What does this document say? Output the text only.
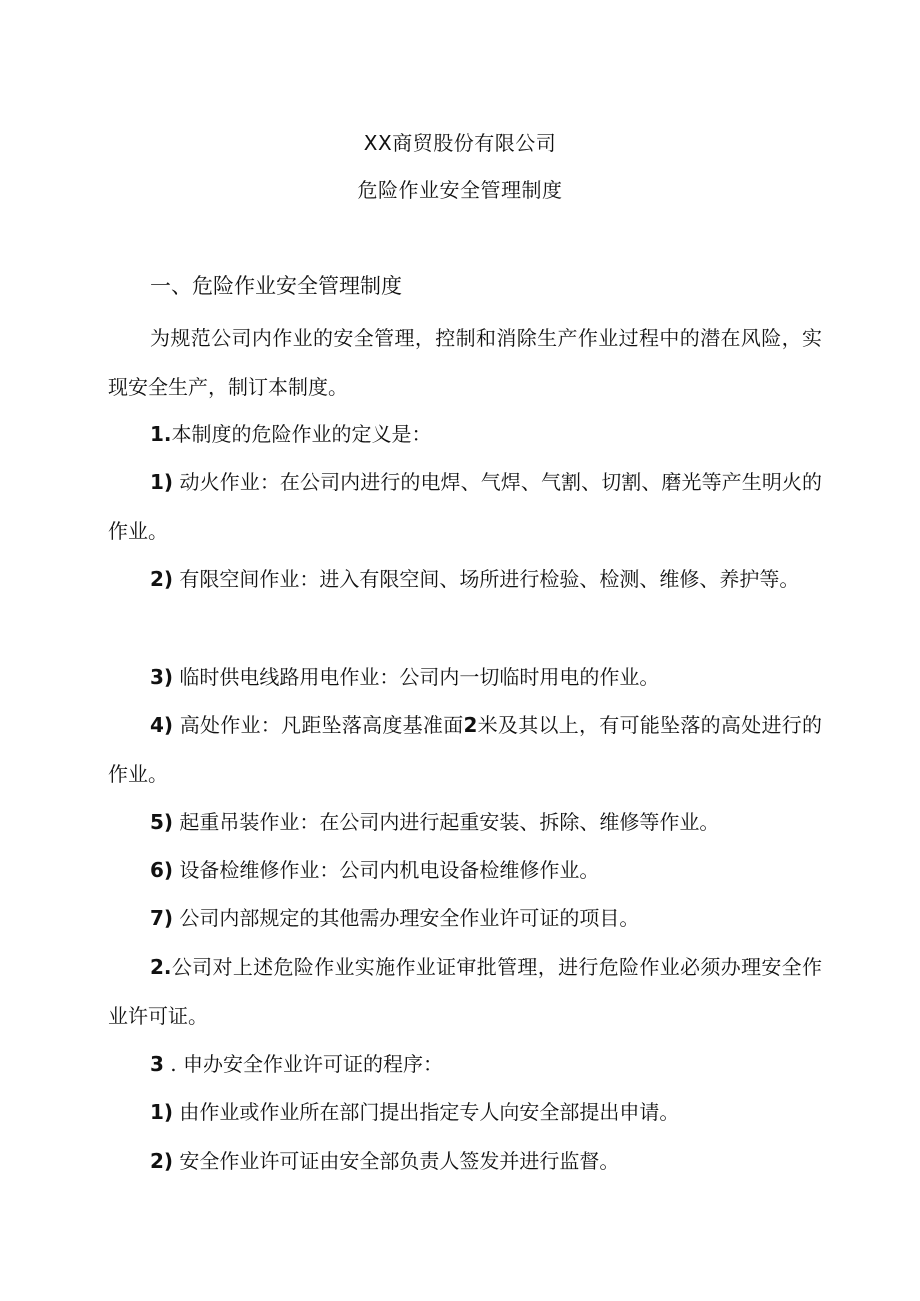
XX商贸股份有限公司
危险作业安全管理制度
一、危险作业安全管理制度

为规范公司内作业的安全管理，控制和消除生产作业过程中的潜在风险，实现安全生产，制订本制度。

1.本制度的危险作业的定义是：

1) 动火作业：在公司内进行的电焊、气焊、气割、切割、磨光等产生明火的作业。

2) 有限空间作业：进入有限空间、场所进行检验、检测、维修、养护等。

3) 临时供电线路用电作业：公司内一切临时用电的作业。

4) 高处作业：凡距坠落高度基准面2米及其以上，有可能坠落的高处进行的作业。

5) 起重吊装作业：在公司内进行起重安装、拆除、维修等作业。

6) 设备检维修作业：公司内机电设备检维修作业。

7) 公司内部规定的其他需办理安全作业许可证的项目。

2.公司对上述危险作业实施作业证审批管理，进行危险作业必须办理安全作业许可证。

3 . 申办安全作业许可证的程序：

1) 由作业或作业所在部门提出指定专人向安全部提出申请。

2) 安全作业许可证由安全部负责人签发并进行监督。
